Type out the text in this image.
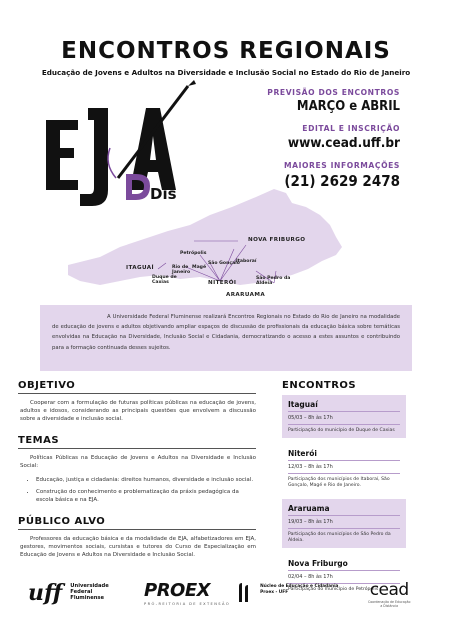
ENCONTROS REGIONAIS
Educação de Jovens e Adultos na Diversidade e Inclusão Social no Estado do Rio de Janeiro
Dis
PREVISÃO DOS ENCONTROS
MARÇO e ABRIL
EDITAL E INSCRIÇÃO
www.cead.uff.br
MAIORES INFORMAÇÕES
(21) 2629 2478
NOVA FRIBURGO
Petrópolis
Itaboraí
São Gonçalo
Magé
ITAGUAÍ	Rio de Janeiro
Duque de Caxias	NITERÓI
São Pedro da Aldeia
ARARUAMA

A Universidade Federal Fluminense realizará Encontros Regionais no Estado do Rio de Janeiro na modalidade de educação de jovens e adultos objetivando ampliar espaços de discussão de profissionais da educação básica sobre temáticas envolvidas na Educação na Diversidade, Inclusão Social e Cidadania, democratizando o acesso a estes assuntos e contribuindo para a formação continuada desses sujeitos.

OBJETIVO

Cooperar com a formulação de futuras políticas públicas na educação de jovens, adultos e idosos, considerando as principais questões que envolvem a discussão sobre a diversidade e inclusão social.

TEMAS

Políticas Públicas na Educação de Jovens e Adultos na Diversidade e Inclusão Social:

• Educação, justiça e cidadania: direitos humanos, diversidade e inclusão social.
• Construção do conhecimento e problematização da práxis pedagógica da escola básica e na EJA.
PÚBLICO ALVO

Professores da educação básica e da modalidade de EJA, alfabetizadores em EJA, gestores, movimentos sociais, cursistas e tutores do Curso de Especialização em Educação de Jovens e Adultos na Diversidade e Inclusão Social.

ENCONTROS
Itaguaí
05/03 – 8h às 17h
Participação do município de Duque de Caxias
Niterói
12/03 – 8h às 17h
Participação dos municípios de Itaboraí, São Gonçalo, Magé e Rio de Janeiro.
Araruama
19/03 – 8h às 17h
Participação dos municípios de São Pedro da Aldeia.
Nova Friburgo
02/04 – 8h às 17h
Participação do município de Petrópolis
uff Universidade
Federal
Fluminense PROEX
PRÓ-REITORIA DE EXTENSÃO
Núcleo de Educação e Cidadania
Proex - UFF	cead
Coordenação de Educação
a Distância
